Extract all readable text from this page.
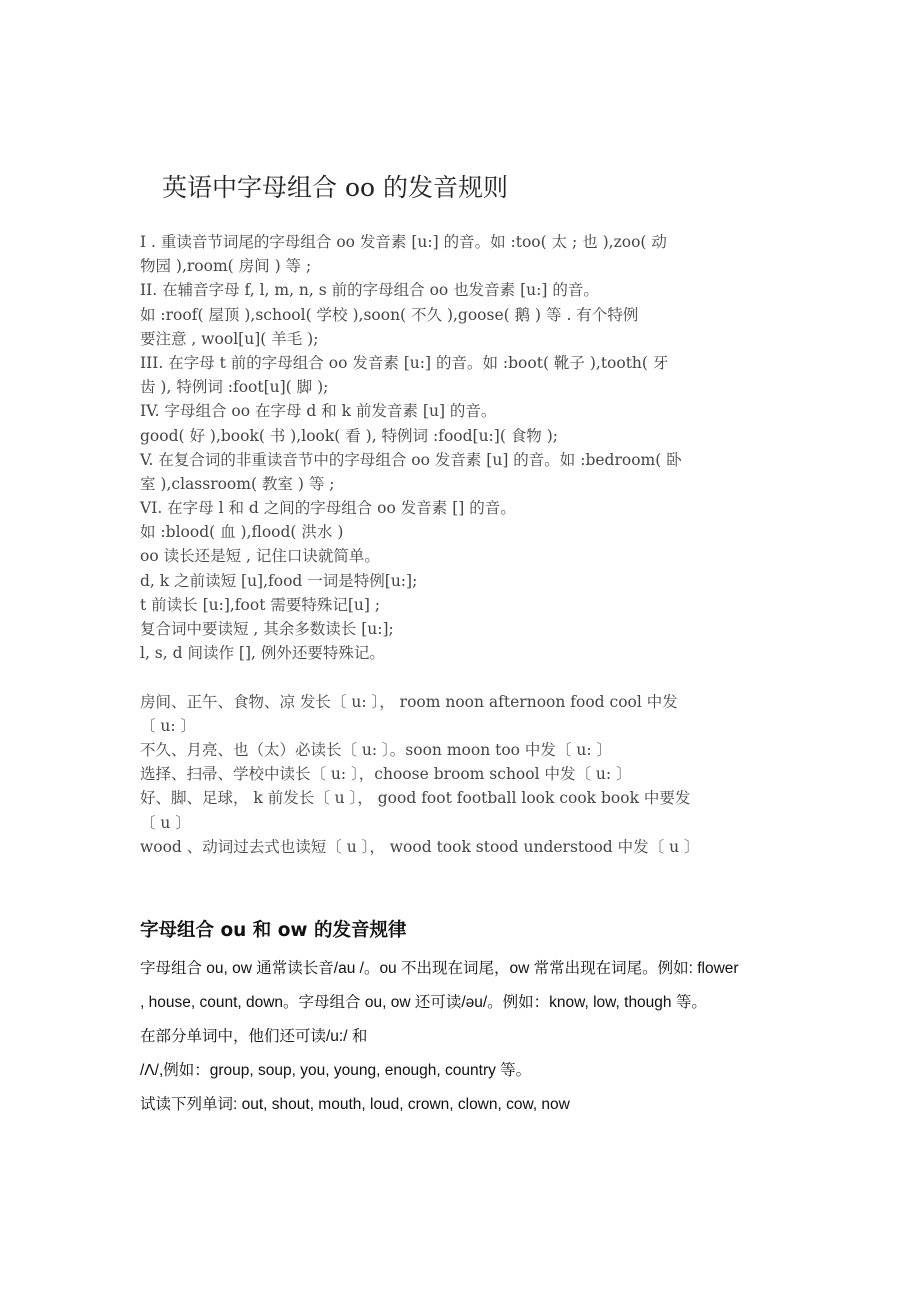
英语中字母组合 oo 的发音规则
Ⅰ . 重读音节词尾的字母组合 oo 发音素 [u:] 的音。如 :too( 太 ; 也 ),zoo( 动
物园 ),room( 房间 ) 等 ;
II. 在辅音字母 f, l, m, n, s 前的字母组合 oo 也发音素 [u:] 的音。
如 :roof( 屋顶 ),school( 学校 ),soon( 不久 ),goose( 鹅 ) 等 . 有个特例
要注意 , wool[u]( 羊毛 );
III. 在字母 t 前的字母组合 oo 发音素 [u:] 的音。如 :boot( 靴子 ),tooth( 牙
齿 ), 特例词 :foot[u]( 脚 );
IV. 字母组合 oo 在字母 d 和 k 前发音素 [u] 的音。
good( 好 ),book( 书 ),look( 看 ), 特例词 :food[u:]( 食物 );
V. 在复合词的非重读音节中的字母组合 oo 发音素 [u] 的音。如 :bedroom( 卧
室 ),classroom( 教室 ) 等 ;
VI. 在字母 l 和 d 之间的字母组合 oo 发音素 [] 的音。
如 :blood( 血 ),flood( 洪水 )
oo 读长还是短 , 记住口诀就简单。
d, k 之前读短 [u],food 一词是特例[u:];
t 前读长 [u:],foot 需要特殊记[u] ;
复合词中要读短 , 其余多数读长 [u:];
l, s, d 间读作 [], 例外还要特殊记。
房间、正午、食物、凉 发长〔 u: 〕， room noon afternoon food cool 中发
〔 u: 〕
不久、月亮、也（太）必读长〔 u: 〕。soon moon too 中发〔 u: 〕
选择、扫帚、学校中读长〔 u: 〕，choose broom school 中发〔 u: 〕
好、脚、足球， k 前发长〔 u 〕， good foot football look cook book 中要发
〔 u 〕
wood 、动词过去式也读短〔 u 〕， wood took stood understood 中发〔 u 〕
字母组合 ou 和 ow 的发音规律
字母组合 ou, ow 通常读长音/au /。ou 不出现在词尾，ow 常常出现在词尾。例如: flower
, house, count, down。字母组合 ou, ow 还可读/əu/。例如：know, low, though 等。
在部分单词中，他们还可读/u:/ 和
/Λ/,例如：group, soup, you, young, enough, country 等。
试读下列单词: out, shout, mouth, loud, crown, clown, cow, now
